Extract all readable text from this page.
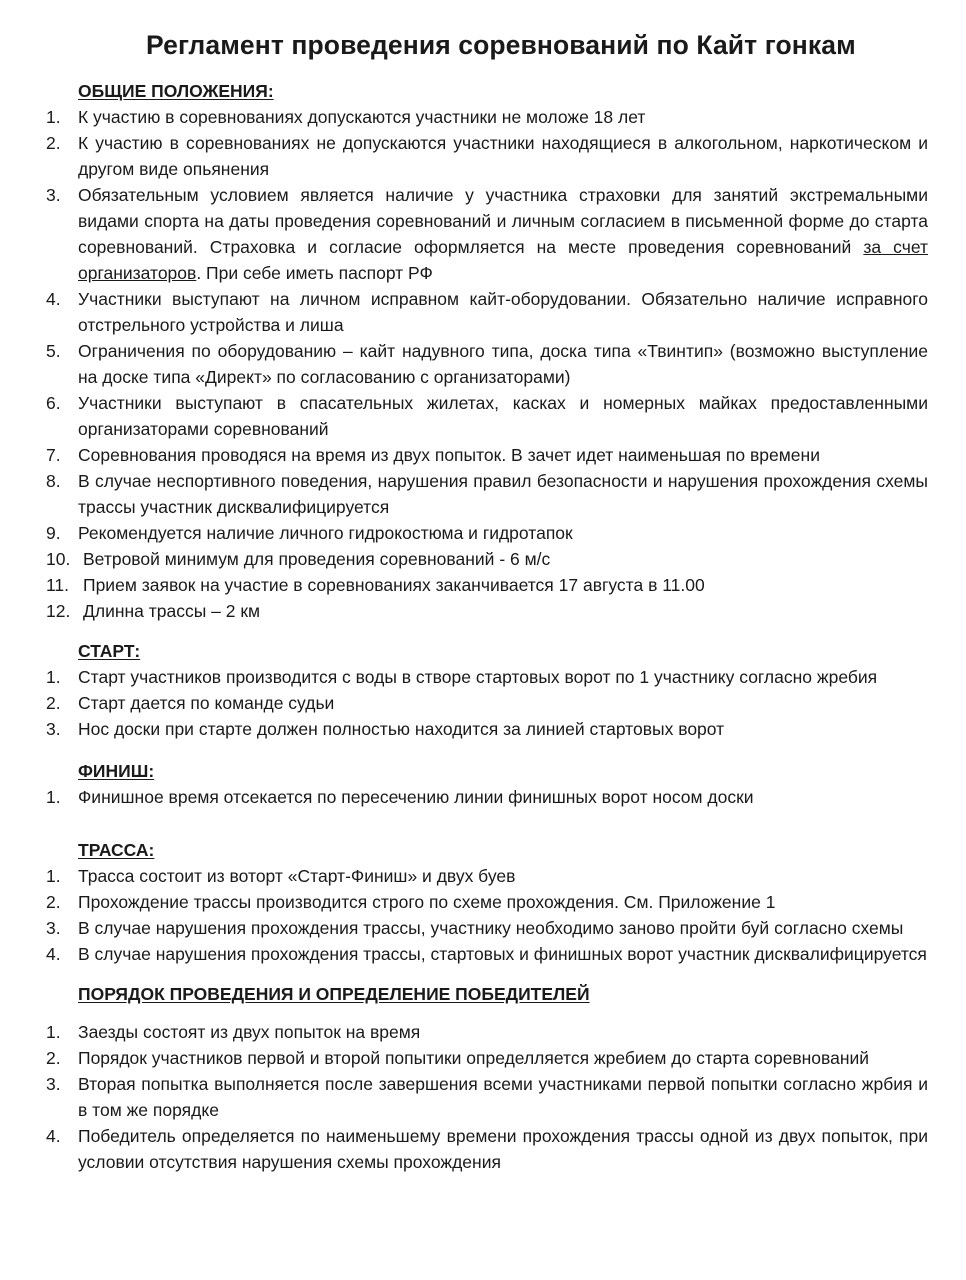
Регламент проведения соревнований по Кайт гонкам
ОБЩИЕ ПОЛОЖЕНИЯ:
1. К участию в соревнованиях допускаются участники не моложе 18 лет
2. К участию в соревнованиях не допускаются участники находящиеся в алкогольном, наркотическом и другом виде опьянения
3. Обязательным условием является наличие у участника страховки для занятий экстремальными видами спорта на даты проведения соревнований и личным согласием в письменной форме до старта соревнований. Страховка и согласие оформляется на месте проведения соревнований за счет организаторов. При себе иметь паспорт РФ
4. Участники выступают на личном исправном кайт-оборудовании. Обязательно наличие исправного отстрельного устройства и лиша
5. Ограничения по оборудованию – кайт надувного типа, доска типа «Твинтип» (возможно выступление на доске типа «Директ» по согласованию с организаторами)
6. Участники выступают в спасательных жилетах, касках и номерных майках предоставленными организаторами соревнований
7. Соревнования проводяся на время из двух попыток. В зачет идет наименьшая по времени
8. В случае неспортивного поведения, нарушения правил безопасности и нарушения прохождения схемы трассы участник дисквалифицируется
9. Рекомендуется наличие личного гидрокостюма и гидротапок
10. Ветровой минимум для проведения соревнований - 6 м/с
11. Прием заявок на участие в соревнованиях заканчивается 17 августа в 11.00
12. Длинна трассы – 2 км
СТАРТ:
1. Старт участников производится с воды в створе стартовых ворот по 1 участнику согласно жребия
2. Старт дается по команде судьи
3. Нос доски при старте должен полностью находится за линией стартовых ворот
ФИНИШ:
1. Финишное время отсекается по пересечению линии финишных ворот носом доски
ТРАССА:
1. Трасса состоит из воторт «Старт-Финиш» и двух буев
2. Прохождение трассы производится строго по схеме прохождения. См. Приложение 1
3. В случае нарушения прохождения трассы, участнику необходимо заново пройти буй согласно схемы
4. В случае нарушения прохождения трассы, стартовых и финишных ворот участник дисквалифицируется
ПОРЯДОК ПРОВЕДЕНИЯ И ОПРЕДЕЛЕНИЕ ПОБЕДИТЕЛЕЙ
1. Заезды состоят из двух попыток на время
2. Порядок участников первой и второй попытики определляется жребием до старта соревнований
3. Вторая попытка выполняется после завершения всеми участниками первой попытки согласно жрбия и в том же порядке
4. Победитель определяется по наименьшему времени прохождения трассы одной из двух попыток, при условии отсутствия нарушения схемы прохождения
